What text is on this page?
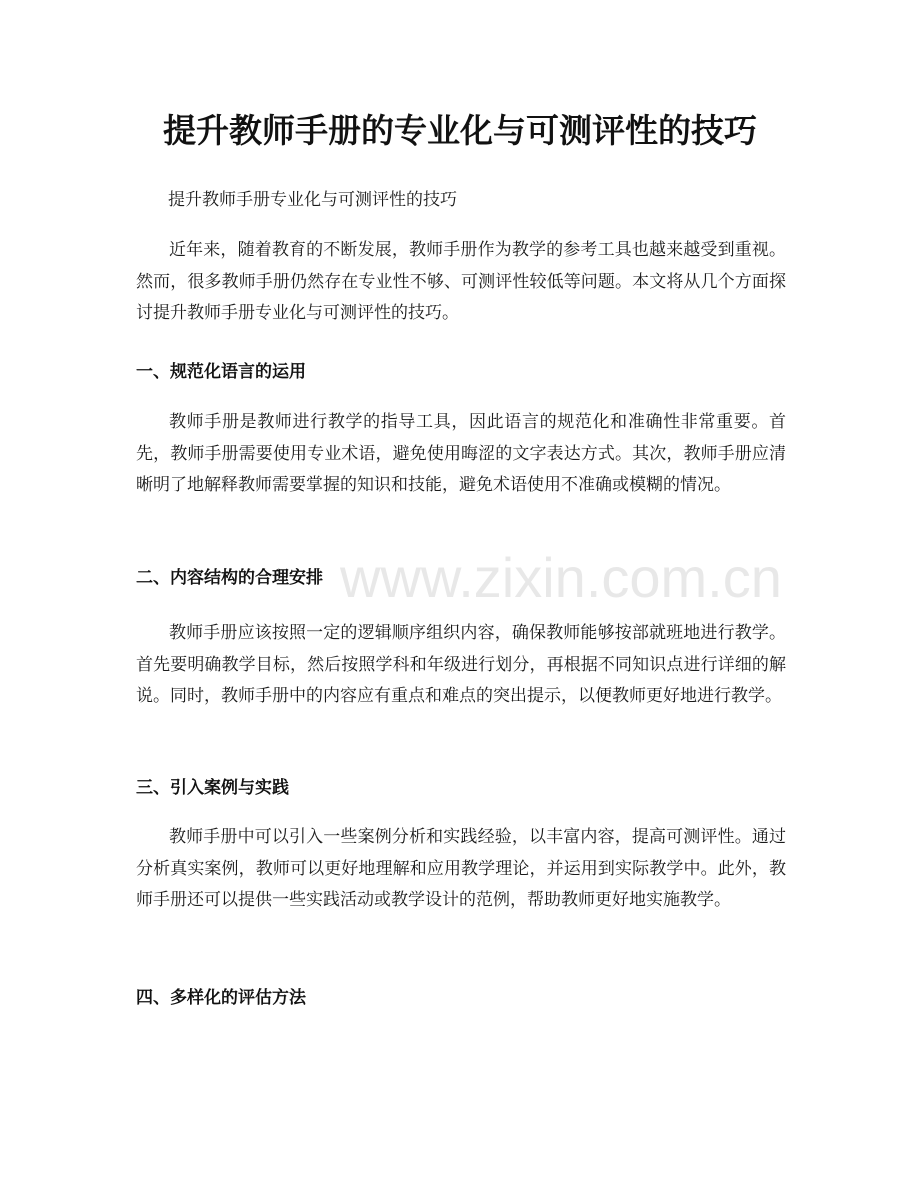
提升教师手册的专业化与可测评性的技巧

提升教师手册专业化与可测评性的技巧

近年来，随着教育的不断发展，教师手册作为教学的参考工具也越来越受到重视。然而，很多教师手册仍然存在专业性不够、可测评性较低等问题。本文将从几个方面探讨提升教师手册专业化与可测评性的技巧。

一、规范化语言的运用

教师手册是教师进行教学的指导工具，因此语言的规范化和准确性非常重要。首先，教师手册需要使用专业术语，避免使用晦涩的文字表达方式。其次，教师手册应清晰明了地解释教师需要掌握的知识和技能，避免术语使用不准确或模糊的情况。

二、内容结构的合理安排

教师手册应该按照一定的逻辑顺序组织内容，确保教师能够按部就班地进行教学。首先要明确教学目标，然后按照学科和年级进行划分，再根据不同知识点进行详细的解说。同时，教师手册中的内容应有重点和难点的突出提示，以便教师更好地进行教学。

三、引入案例与实践

教师手册中可以引入一些案例分析和实践经验，以丰富内容，提高可测评性。通过分析真实案例，教师可以更好地理解和应用教学理论，并运用到实际教学中。此外，教师手册还可以提供一些实践活动或教学设计的范例，帮助教师更好地实施教学。

四、多样化的评估方法
www.zixin.com.cn
